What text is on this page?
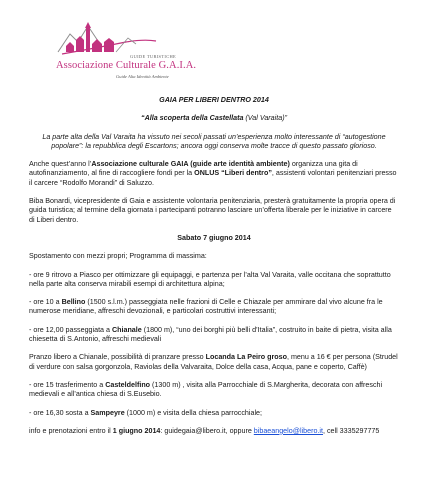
GUIDE TURISTICHE
Associazione Culturale G.A.I.A.
Guide Alta Identità Ambiente

GAIA PER LIBERI DENTRO 2014

“Alla scoperta della Castellata (Val Varaita)”

La parte alta della Val Varaita ha vissuto nei secoli passati un’esperienza molto interessante di “autogestione popolare”: la repubblica degli Escartons; ancora oggi conserva molte tracce di questo passato glorioso.

Anche quest’anno l’Associazione culturale GAIA (guide arte identità ambiente) organizza una gita di autofinanziamento, al fine di raccogliere fondi per la ONLUS “Liberi dentro”, assistenti volontari penitenziari presso il carcere “Rodolfo Morandi” di Saluzzo.

Biba Bonardi, vicepresidente di Gaia e assistente volontaria penitenziaria, presterà gratuitamente la propria opera di guida turistica; al termine della giornata i partecipanti potranno lasciare un’offerta liberale per le iniziative in carcere di Liberi dentro.

Sabato 7 giugno 2014

Spostamento con mezzi propri; Programma di massima:

- ore 9 ritrovo a Piasco per ottimizzare gli equipaggi, e partenza per l’alta Val Varaita, valle occitana che soprattutto nella parte alta conserva mirabili esempi di architettura alpina;

- ore 10 a Bellino (1500 s.l.m.) passeggiata nelle frazioni di Celle e Chiazale per ammirare dal vivo alcune fra le numerose meridiane, affreschi devozionali, e particolari costruttivi interessanti;

- ore 12,00 passeggiata a Chianale (1800 m), “uno dei borghi più belli d’Italia”, costruito in baite di pietra, visita alla chiesetta di S.Antonio, affreschi medievali

Pranzo libero a Chianale, possibilità di pranzare presso Locanda La Peiro groso, menu a 16 € per persona (Strudel di verdure con salsa gorgonzola, Raviolas della Valvaraita, Dolce della casa, Acqua, pane e coperto, Caffè)

- ore 15 trasferimento a Casteldelfino (1300 m) , visita alla Parrocchiale di S.Margherita, decorata con affreschi medievali e all’antica chiesa di S.Eusebio.

- ore 16,30 sosta a Sampeyre (1000 m) e visita della chiesa parrocchiale;

info e prenotazioni entro il 1 giugno 2014: guidegaia@libero.it, oppure bibaeangelo@libero.it, cell 3335297775
